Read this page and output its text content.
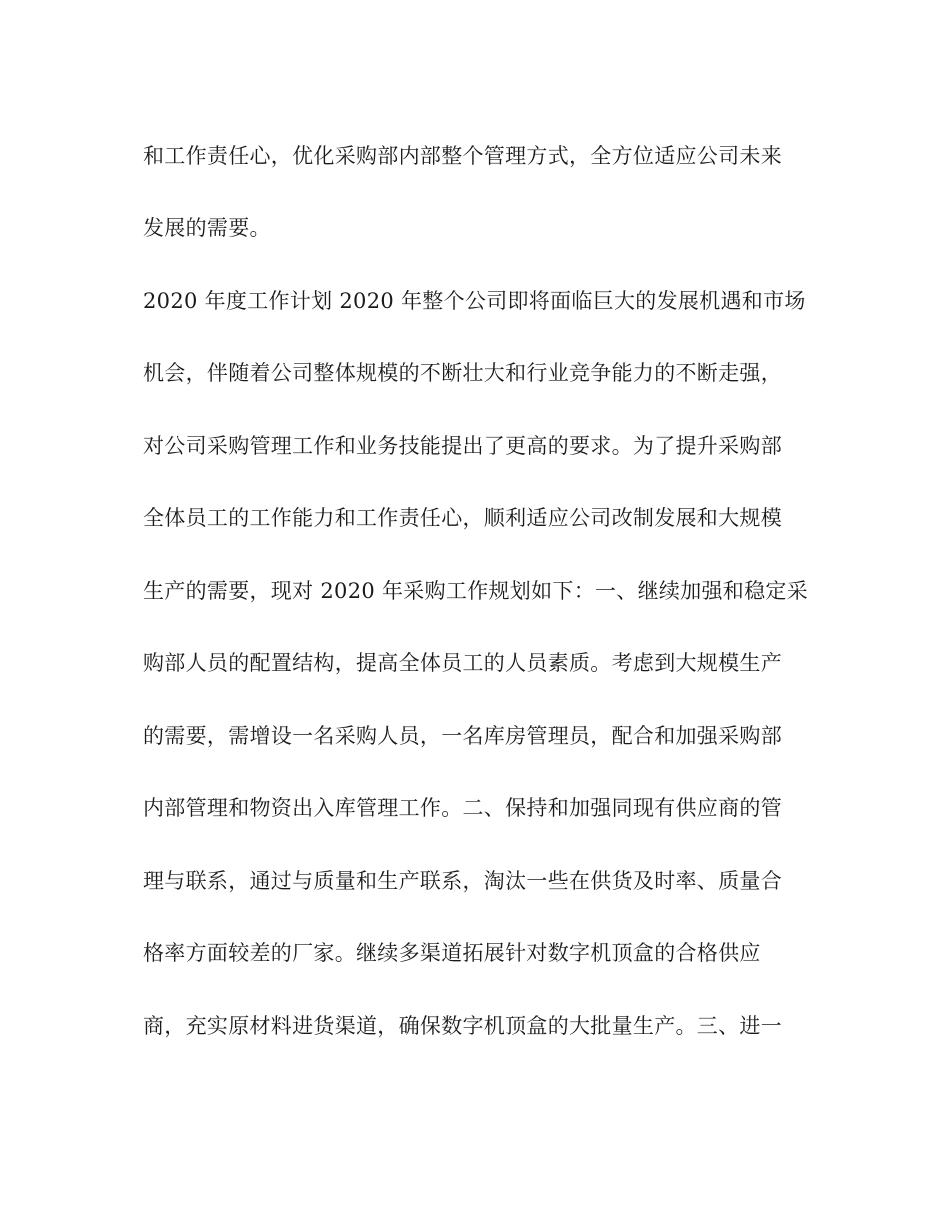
和工作责任心，优化采购部内部整个管理方式，全方位适应公司未来
发展的需要。
2020 年度工作计划 2020 年整个公司即将面临巨大的发展机遇和市场
机会，伴随着公司整体规模的不断壮大和行业竞争能力的不断走强，
对公司采购管理工作和业务技能提出了更高的要求。为了提升采购部
全体员工的工作能力和工作责任心，顺利适应公司改制发展和大规模
生产的需要，现对 2020 年采购工作规划如下：一、继续加强和稳定采
购部人员的配置结构，提高全体员工的人员素质。考虑到大规模生产
的需要，需增设一名采购人员，一名库房管理员，配合和加强采购部
内部管理和物资出入库管理工作。二、保持和加强同现有供应商的管
理与联系，通过与质量和生产联系，淘汰一些在供货及时率、质量合
格率方面较差的厂家。继续多渠道拓展针对数字机顶盒的合格供应
商，充实原材料进货渠道，确保数字机顶盒的大批量生产。三、进一
